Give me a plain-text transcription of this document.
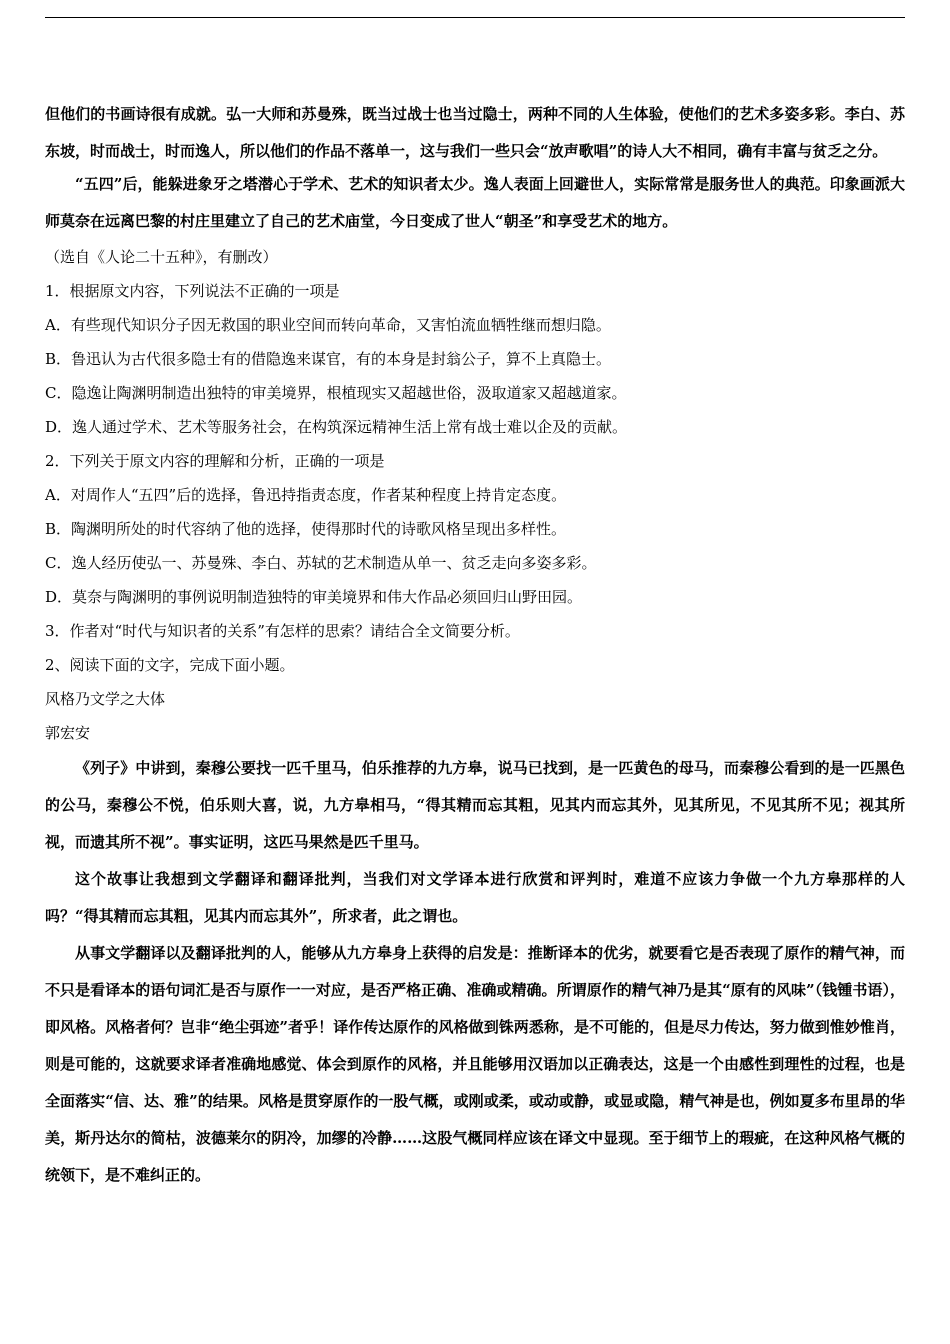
但他们的书画诗很有成就。弘一大师和苏曼殊，既当过战士也当过隐士，两种不同的人生体验，使他们的艺术多姿多彩。李白、苏东坡，时而战士，时而逸人，所以他们的作品不落单一，这与我们一些只会“放声歌唱”的诗人大不相同，确有丰富与贫乏之分。

“五四”后，能躲进象牙之塔潜心于学术、艺术的知识者太少。逸人表面上回避世人，实际常常是服务世人的典范。印象画派大师莫奈在远离巴黎的村庄里建立了自己的艺术庙堂，今日变成了世人“朝圣”和享受艺术的地方。

（选自《人论二十五种》，有删改）

1．根据原文内容，下列说法不正确的一项是

A．有些现代知识分子因无救国的职业空间而转向革命，又害怕流血牺牲继而想归隐。

B．鲁迅认为古代很多隐士有的借隐逸来谋官，有的本身是封翁公子，算不上真隐士。

C．隐逸让陶渊明制造出独特的审美境界，根植现实又超越世俗，汲取道家又超越道家。

D．逸人通过学术、艺术等服务社会，在构筑深远精神生活上常有战士难以企及的贡献。

2．下列关于原文内容的理解和分析，正确的一项是

A．对周作人“五四”后的选择，鲁迅持指责态度，作者某种程度上持肯定态度。

B．陶渊明所处的时代容纳了他的选择，使得那时代的诗歌风格呈现出多样性。

C．逸人经历使弘一、苏曼殊、李白、苏轼的艺术制造从单一、贫乏走向多姿多彩。

D．莫奈与陶渊明的事例说明制造独特的审美境界和伟大作品必须回归山野田园。

3．作者对“时代与知识者的关系”有怎样的思索？请结合全文简要分析。

2、阅读下面的文字，完成下面小题。

风格乃文学之大体

郭宏安

《列子》中讲到，秦穆公要找一匹千里马，伯乐推荐的九方皋，说马已找到，是一匹黄色的母马，而秦穆公看到的是一匹黑色的公马，秦穆公不悦，伯乐则大喜，说，九方皋相马，“得其精而忘其粗，见其内而忘其外，见其所见，不见其所不见；视其所视，而遗其所不视”。事实证明，这匹马果然是匹千里马。

这个故事让我想到文学翻译和翻译批判，当我们对文学译本进行欣赏和评判时，难道不应该力争做一个九方皋那样的人吗？“得其精而忘其粗，见其内而忘其外”，所求者，此之谓也。

从事文学翻译以及翻译批判的人，能够从九方皋身上获得的启发是：推断译本的优劣，就要看它是否表现了原作的精气神，而不只是看译本的语句词汇是否与原作一一对应，是否严格正确、准确或精确。所谓原作的精气神乃是其“原有的风味”（钱锺书语），即风格。风格者何？岂非“绝尘弭迹”者乎！译作传达原作的风格做到铢两悉称，是不可能的，但是尽力传达，努力做到惟妙惟肖，则是可能的，这就要求译者准确地感觉、体会到原作的风格，并且能够用汉语加以正确表达，这是一个由感性到理性的过程，也是全面落实“信、达、雅”的结果。风格是贯穿原作的一股气概，或刚或柔，或动或静，或显或隐，精气神是也，例如夏多布里昂的华美，斯丹达尔的简枯，波德莱尔的阴冷，加缪的冷静……这股气概同样应该在译文中显现。至于细节上的瑕疵，在这种风格气概的统领下，是不难纠正的。
